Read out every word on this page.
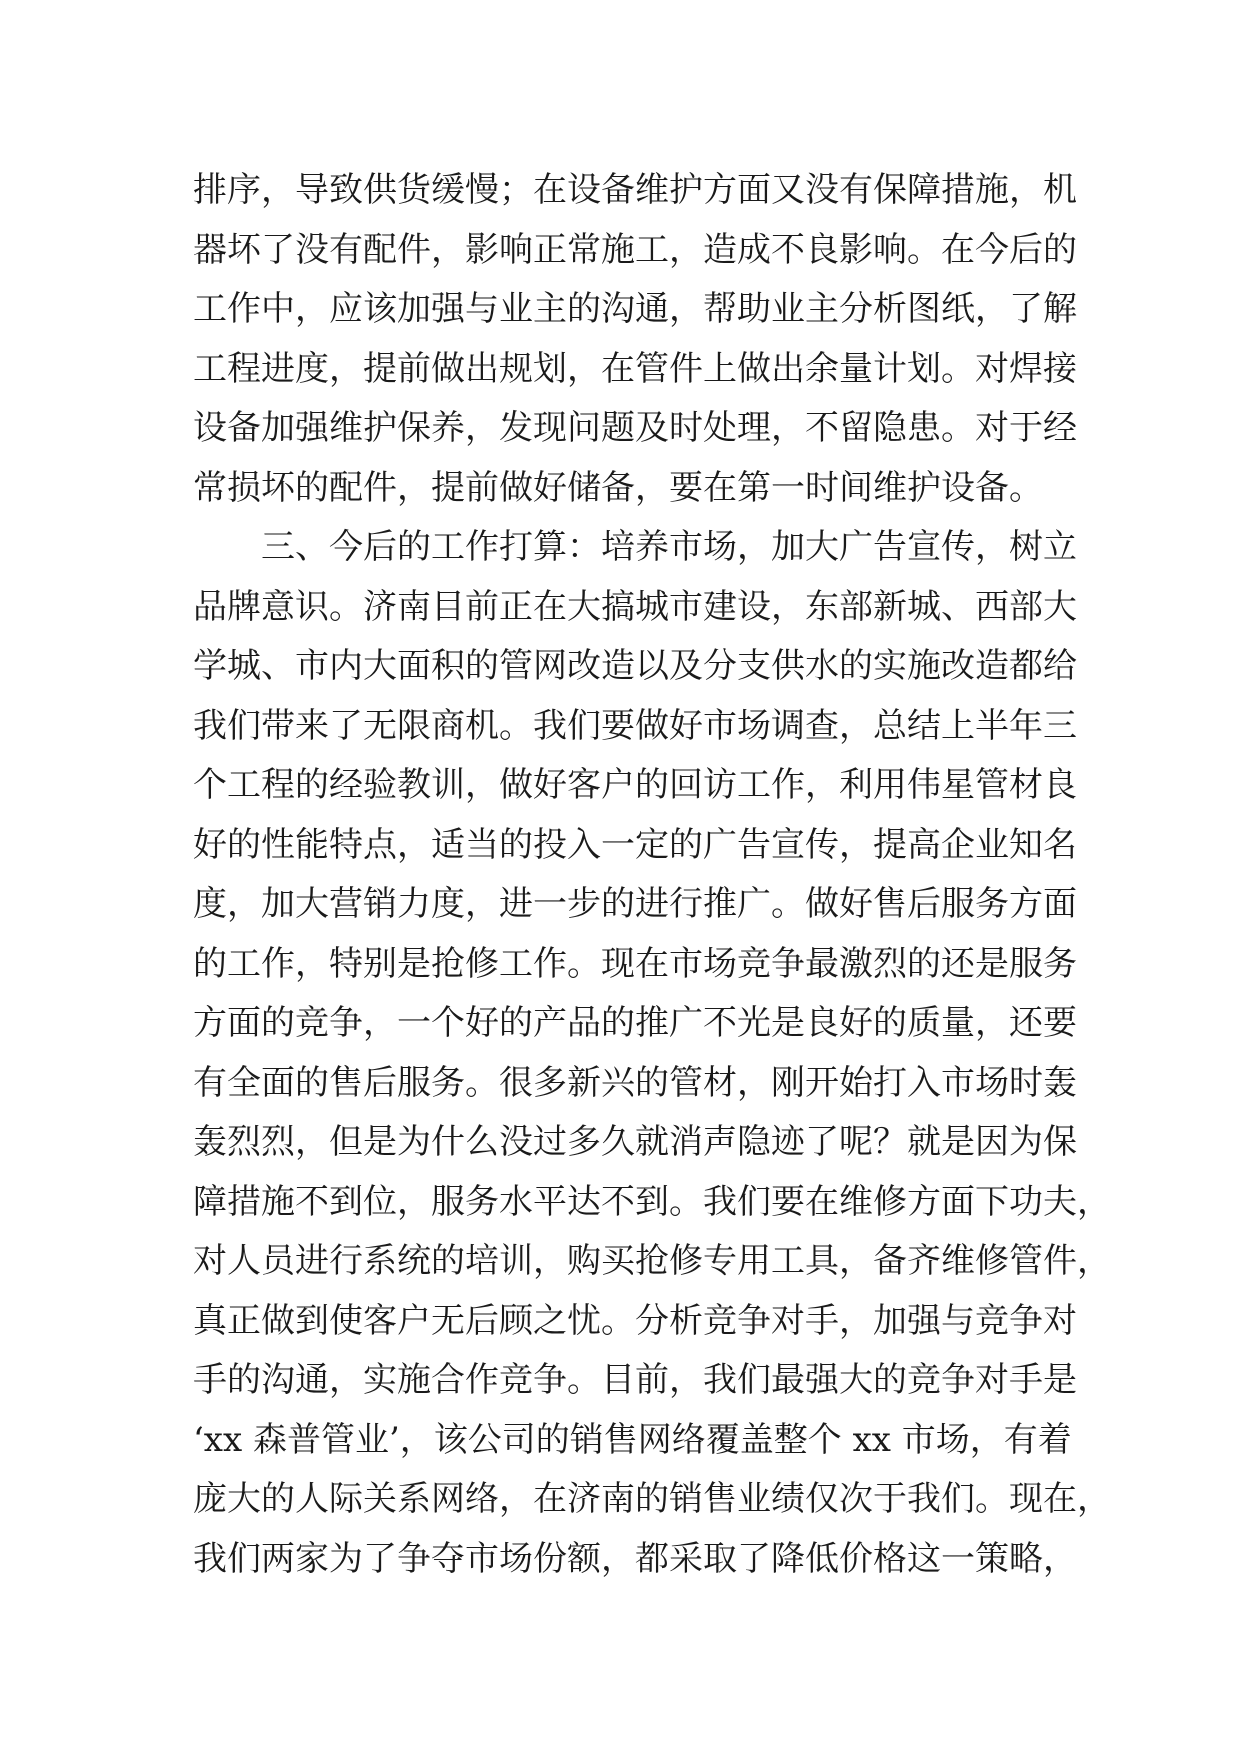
排序，导致供货缓慢；在设备维护方面又没有保障措施，机
器坏了没有配件，影响正常施工，造成不良影响。在今后的
工作中，应该加强与业主的沟通，帮助业主分析图纸，了解
工程进度，提前做出规划，在管件上做出余量计划。对焊接
设备加强维护保养，发现问题及时处理，不留隐患。对于经
常损坏的配件，提前做好储备，要在第一时间维护设备。
三、今后的工作打算：培养市场，加大广告宣传，树立
品牌意识。济南目前正在大搞城市建设，东部新城、西部大
学城、市内大面积的管网改造以及分支供水的实施改造都给
我们带来了无限商机。我们要做好市场调查，总结上半年三
个工程的经验教训，做好客户的回访工作，利用伟星管材良
好的性能特点，适当的投入一定的广告宣传，提高企业知名
度，加大营销力度，进一步的进行推广。做好售后服务方面
的工作，特别是抢修工作。现在市场竞争最激烈的还是服务
方面的竞争，一个好的产品的推广不光是良好的质量，还要
有全面的售后服务。很多新兴的管材，刚开始打入市场时轰
轰烈烈，但是为什么没过多久就消声隐迹了呢？就是因为保
障措施不到位，服务水平达不到。我们要在维修方面下功夫，
对人员进行系统的培训，购买抢修专用工具，备齐维修管件，
真正做到使客户无后顾之忧。分析竞争对手，加强与竞争对
手的沟通，实施合作竞争。目前，我们最强大的竞争对手是
‘xx 森普管业’，该公司的销售网络覆盖整个 xx 市场，有着
庞大的人际关系网络，在济南的销售业绩仅次于我们。现在，
我们两家为了争夺市场份额，都采取了降低价格这一策略，
